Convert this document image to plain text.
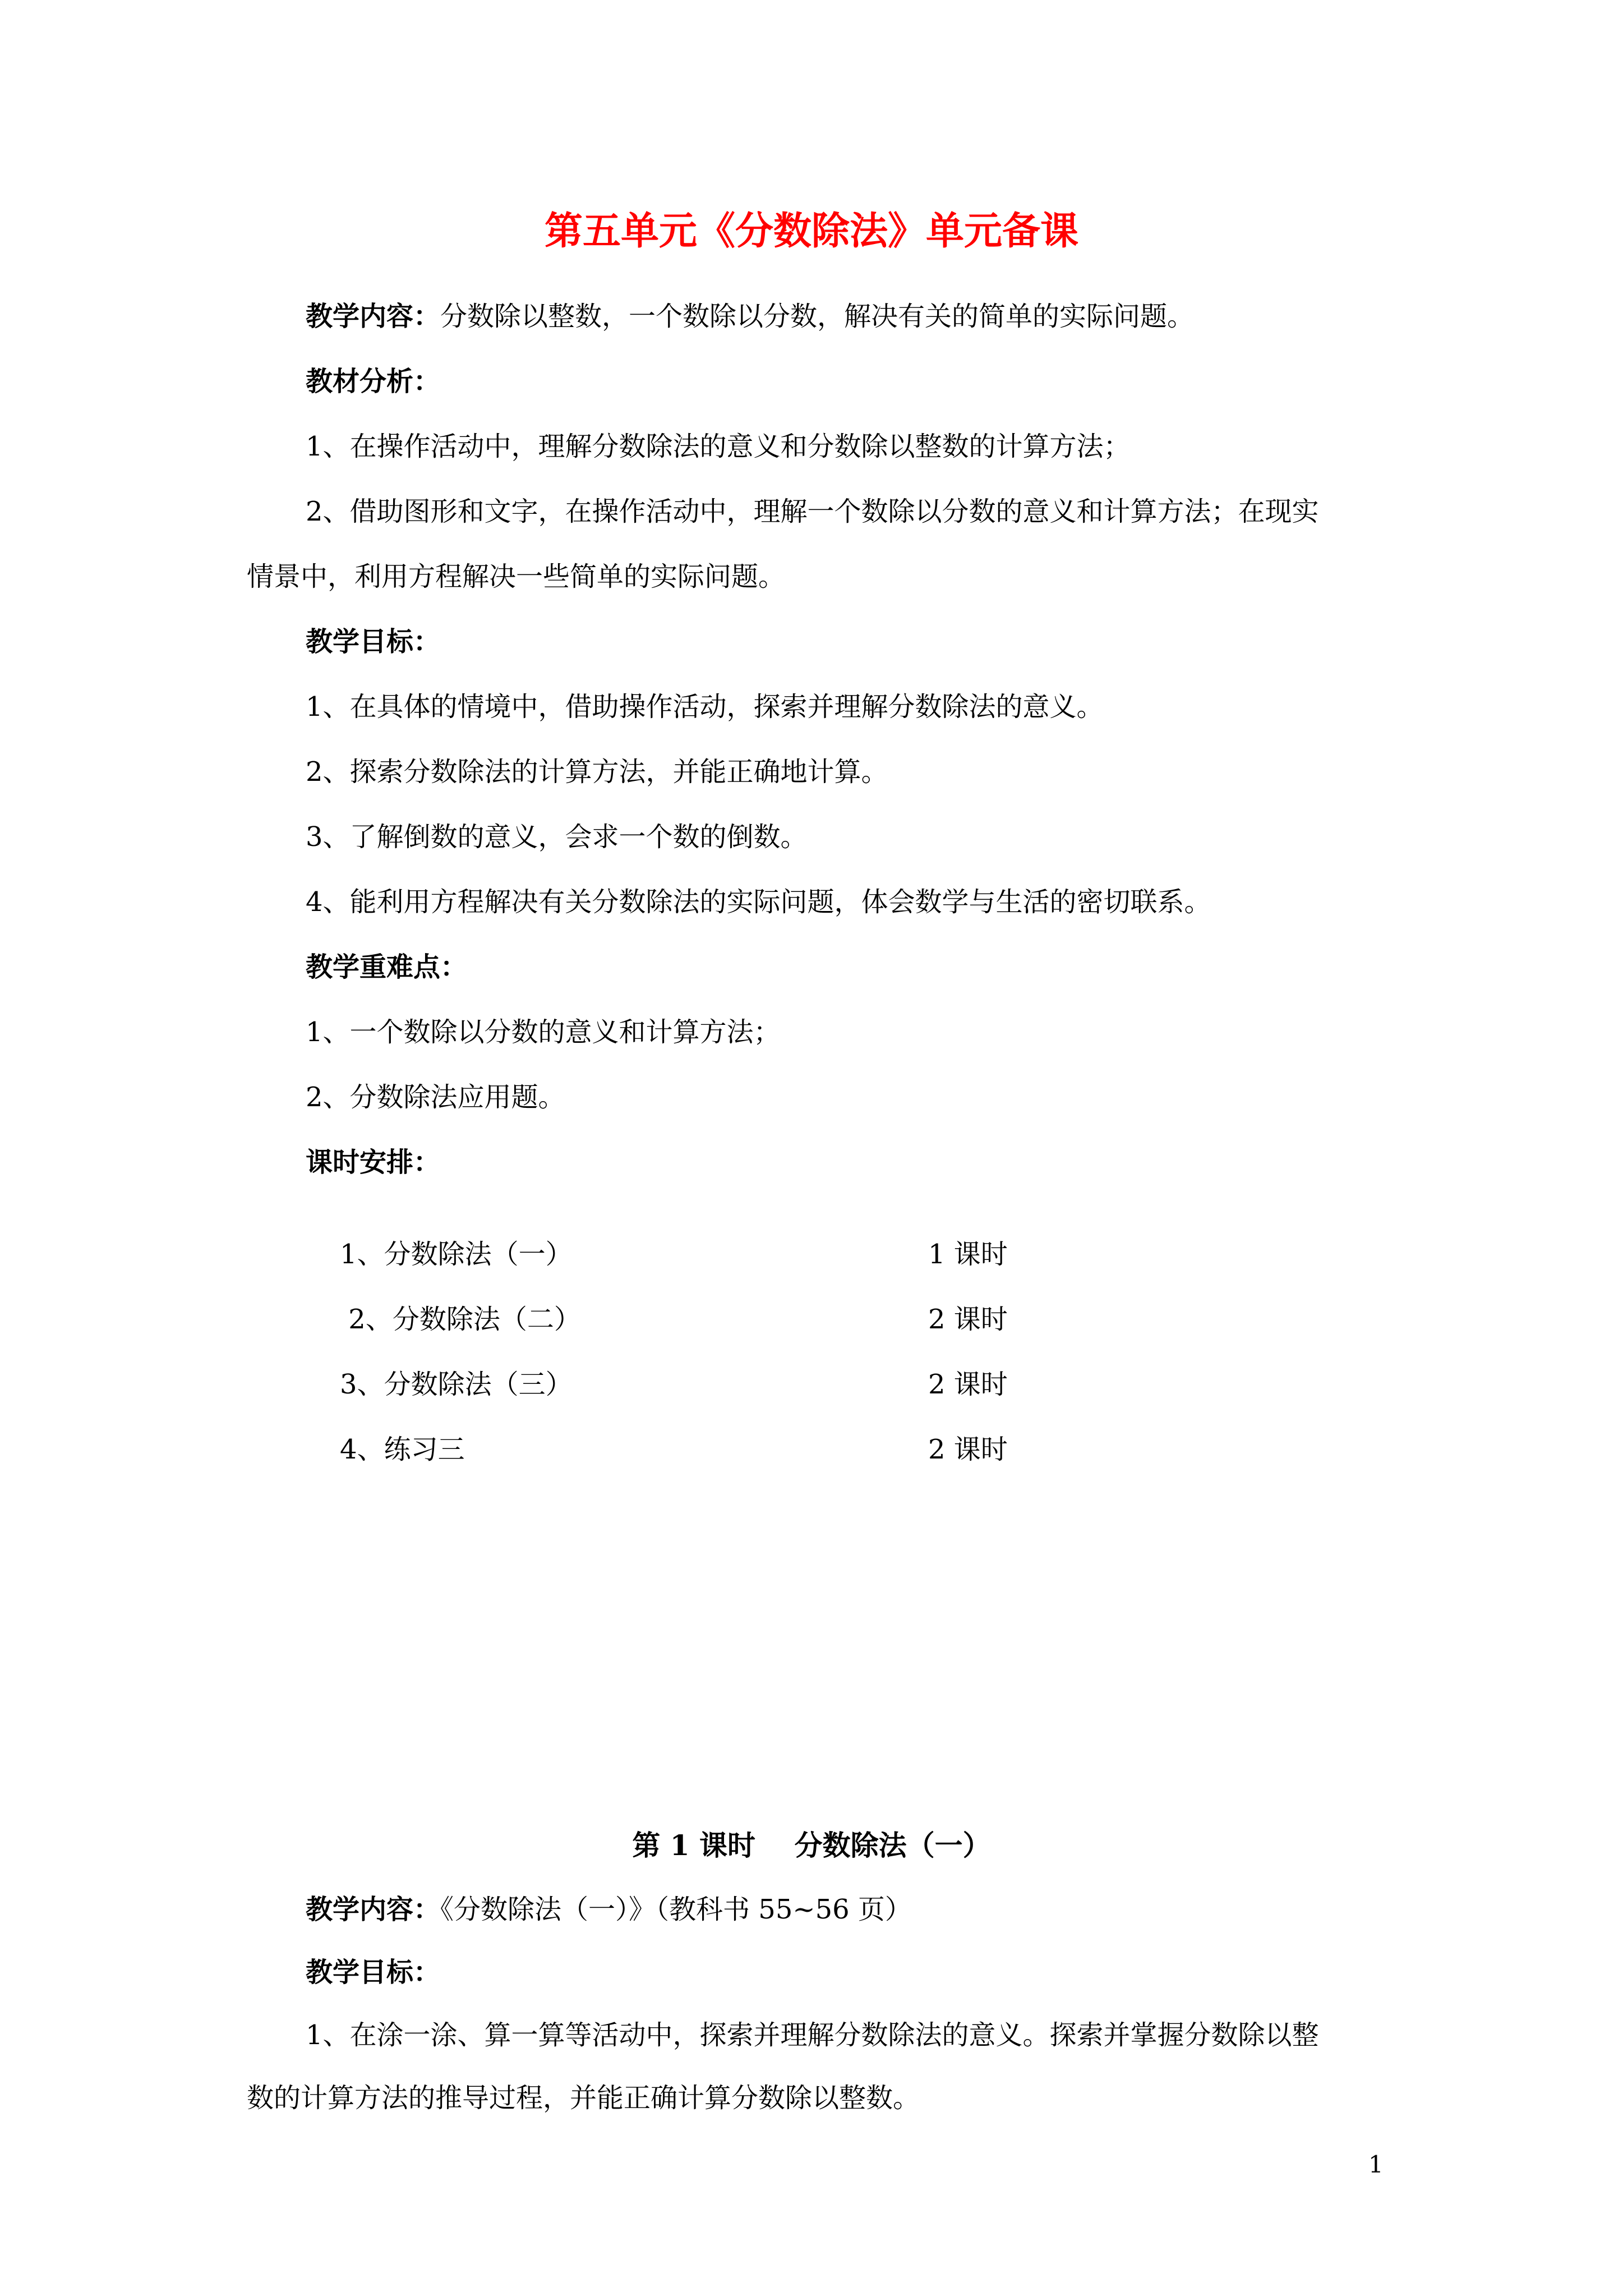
第五单元《分数除法》单元备课
教学内容：分数除以整数，一个数除以分数，解决有关的简单的实际问题。
教材分析：
1、在操作活动中，理解分数除法的意义和分数除以整数的计算方法；
2、借助图形和文字，在操作活动中，理解一个数除以分数的意义和计算方法；在现实
情景中，利用方程解决一些简单的实际问题。
教学目标：
1、在具体的情境中，借助操作活动，探索并理解分数除法的意义。
2、探索分数除法的计算方法，并能正确地计算。
3、了解倒数的意义，会求一个数的倒数。
4、能利用方程解决有关分数除法的实际问题，体会数学与生活的密切联系。
教学重难点：
1、一个数除以分数的意义和计算方法；
2、分数除法应用题。
课时安排：

1、分数除法（一）	1 课时

2、分数除法（二）	2 课时

3、分数除法（三）	2 课时

4、练习三	2 课时

第 1 课时    分数除法（一）
教学内容：《分数除法（一）》（教科书 55~56 页）
教学目标：
1、在涂一涂、算一算等活动中，探索并理解分数除法的意义。探索并掌握分数除以整
数的计算方法的推导过程，并能正确计算分数除以整数。
1
